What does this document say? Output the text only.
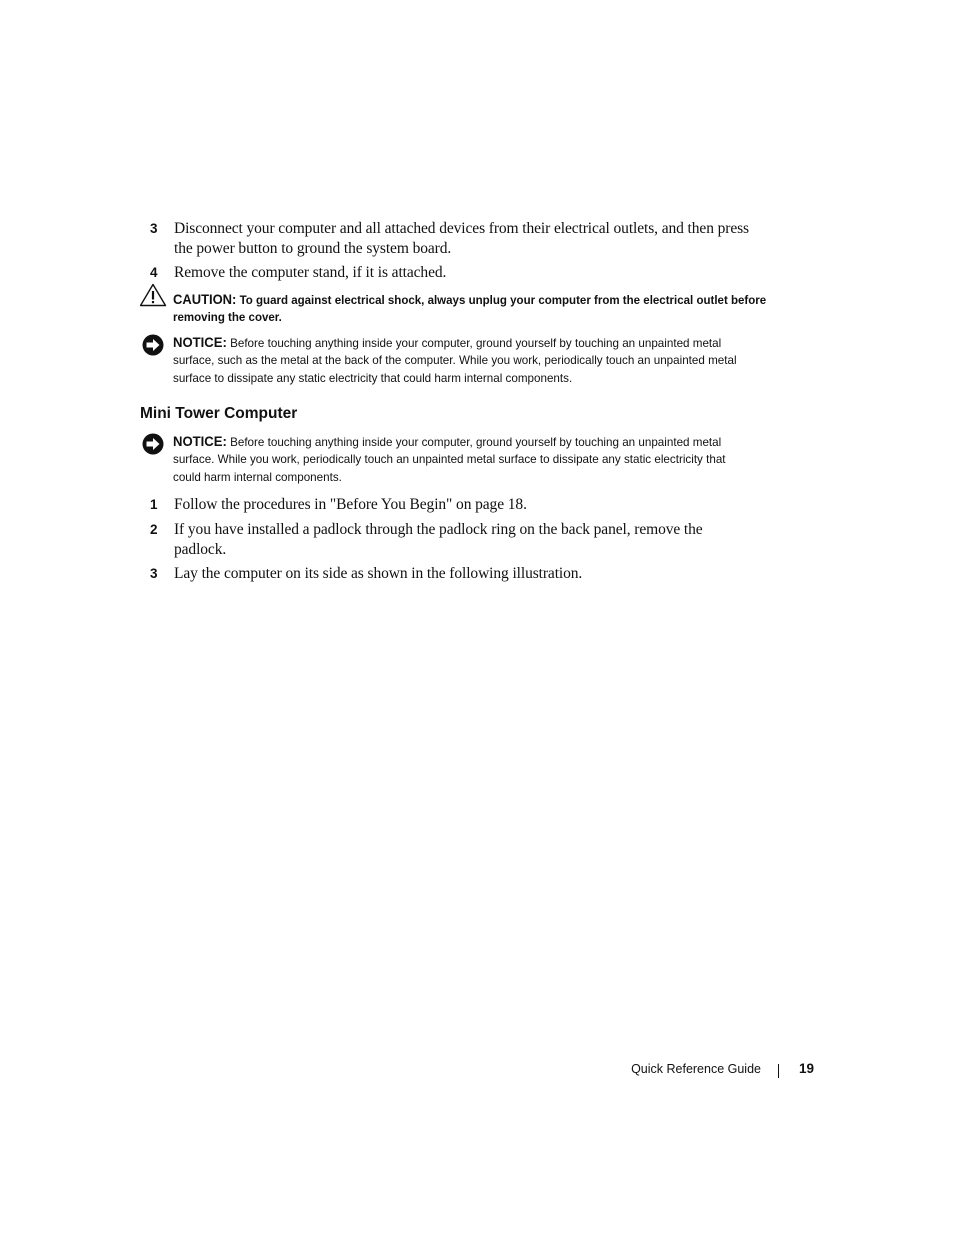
3 Disconnect your computer and all attached devices from their electrical outlets, and then press the power button to ground the system board.
4 Remove the computer stand, if it is attached.
CAUTION: To guard against electrical shock, always unplug your computer from the electrical outlet before removing the cover.
NOTICE: Before touching anything inside your computer, ground yourself by touching an unpainted metal surface, such as the metal at the back of the computer. While you work, periodically touch an unpainted metal surface to dissipate any static electricity that could harm internal components.
Mini Tower Computer
NOTICE: Before touching anything inside your computer, ground yourself by touching an unpainted metal surface. While you work, periodically touch an unpainted metal surface to dissipate any static electricity that could harm internal components.
1 Follow the procedures in "Before You Begin" on page 18.
2 If you have installed a padlock through the padlock ring on the back panel, remove the padlock.
3 Lay the computer on its side as shown in the following illustration.
Quick Reference Guide	19
